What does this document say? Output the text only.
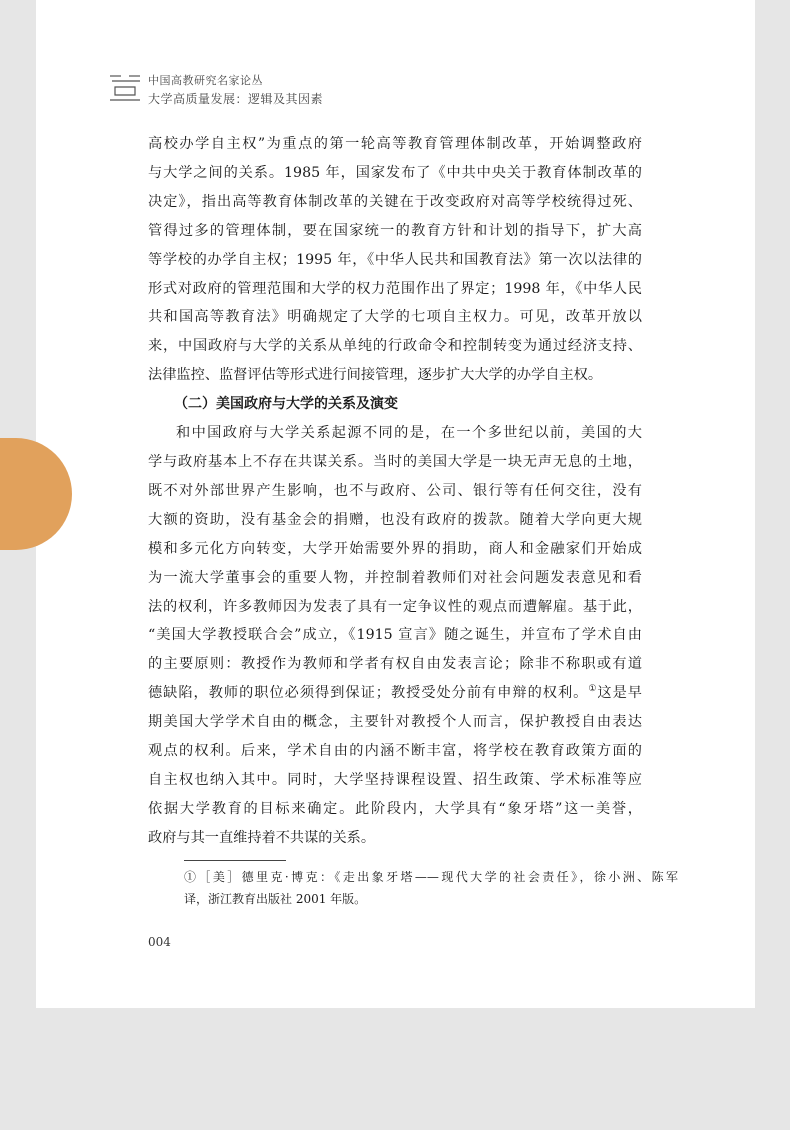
中国高教研究名家论丛
大学高质量发展：逻辑及其因素

高校办学自主权”为重点的第一轮高等教育管理体制改革，开始调整政府
与大学之间的关系。1985 年，国家发布了《中共中央关于教育体制改革的
决定》，指出高等教育体制改革的关键在于改变政府对高等学校统得过死、
管得过多的管理体制，要在国家统一的教育方针和计划的指导下，扩大高
等学校的办学自主权；1995 年，《中华人民共和国教育法》第一次以法律的
形式对政府的管理范围和大学的权力范围作出了界定；1998 年，《中华人民
共和国高等教育法》明确规定了大学的七项自主权力。可见，改革开放以
来，中国政府与大学的关系从单纯的行政命令和控制转变为通过经济支持、
法律监控、监督评估等形式进行间接管理，逐步扩大大学的办学自主权。

（二）美国政府与大学的关系及演变

和中国政府与大学关系起源不同的是，在一个多世纪以前，美国的大
学与政府基本上不存在共谋关系。当时的美国大学是一块无声无息的土地，
既不对外部世界产生影响，也不与政府、公司、银行等有任何交往，没有
大额的资助，没有基金会的捐赠，也没有政府的拨款。随着大学向更大规
模和多元化方向转变，大学开始需要外界的捐助，商人和金融家们开始成
为一流大学董事会的重要人物，并控制着教师们对社会问题发表意见和看
法的权利，许多教师因为发表了具有一定争议性的观点而遭解雇。基于此，
“美国大学教授联合会”成立，《1915 宣言》随之诞生，并宣布了学术自由
的主要原则：教授作为教师和学者有权自由发表言论；除非不称职或有道
德缺陷，教师的职位必须得到保证；教授受处分前有申辩的权利。①这是早
期美国大学学术自由的概念，主要针对教授个人而言，保护教授自由表达
观点的权利。后来，学术自由的内涵不断丰富，将学校在教育政策方面的
自主权也纳入其中。同时，大学坚持课程设置、招生政策、学术标准等应
依据大学教育的目标来确定。此阶段内，大学具有“象牙塔”这一美誉，
政府与其一直维持着不共谋的关系。

①［美］德里克·博克：《走出象牙塔——现代大学的社会责任》，徐小洲、陈军
译，浙江教育出版社 2001 年版。
004
